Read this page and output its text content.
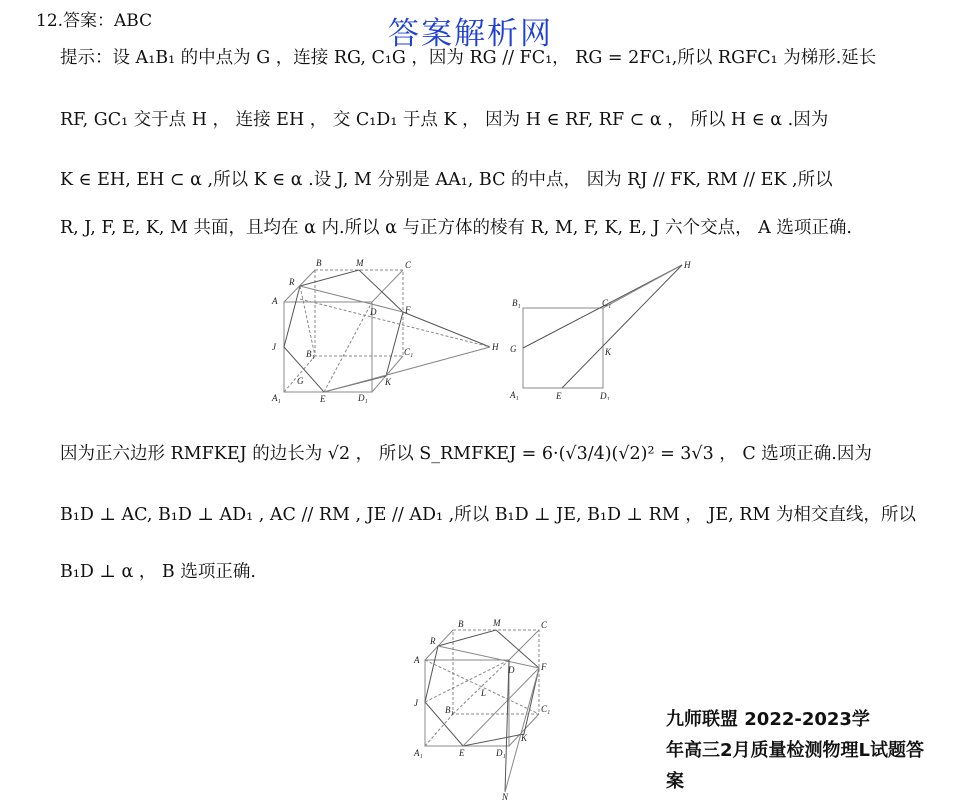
12.答案：ABC	答案解析网
提示：设 A₁B₁ 的中点为 G ，连接 RG, C₁G ，因为 RG // FC₁， RG = 2FC₁,所以 RGFC₁ 为梯形.延长
RF, GC₁ 交于点 H ， 连接 EH ， 交 C₁D₁ 于点 K ， 因为 H ∈ RF, RF ⊂ α ， 所以 H ∈ α .因为
K ∈ EH, EH ⊂ α ,所以 K ∈ α .设 J, M 分别是 AA₁, BC 的中点， 因为 RJ // FK, RM // EK ,所以
R, J, F, E, K, M 共面，且均在 α 内.所以 α 与正方体的棱有 R, M, F, K, E, J 六个交点， A 选项正确.
B	M	C
R
A
D	F
J
B₁	C₁	H
G	K
A₁	E	D₁
H
B₁	C₁
G	K
A₁	E	D₁
因为正六边形 RMFKEJ 的边长为 √2 ， 所以 S_RMFKEJ = 6·(√3/4)(√2)² = 3√3 ， C 选项正确.因为
B₁D ⊥ AC, B₁D ⊥ AD₁ , AC // RM , JE // AD₁ ,所以 B₁D ⊥ JE, B₁D ⊥ RM ， JE, RM 为相交直线，所以
B₁D ⊥ α ， B 选项正确.
B	M	C
R
A
D	F
L
J
B₁	C₁
K
A₁	E	D₁
N
九师联盟 2022-2023学
年高三2月质量检测物理L试题答
案
